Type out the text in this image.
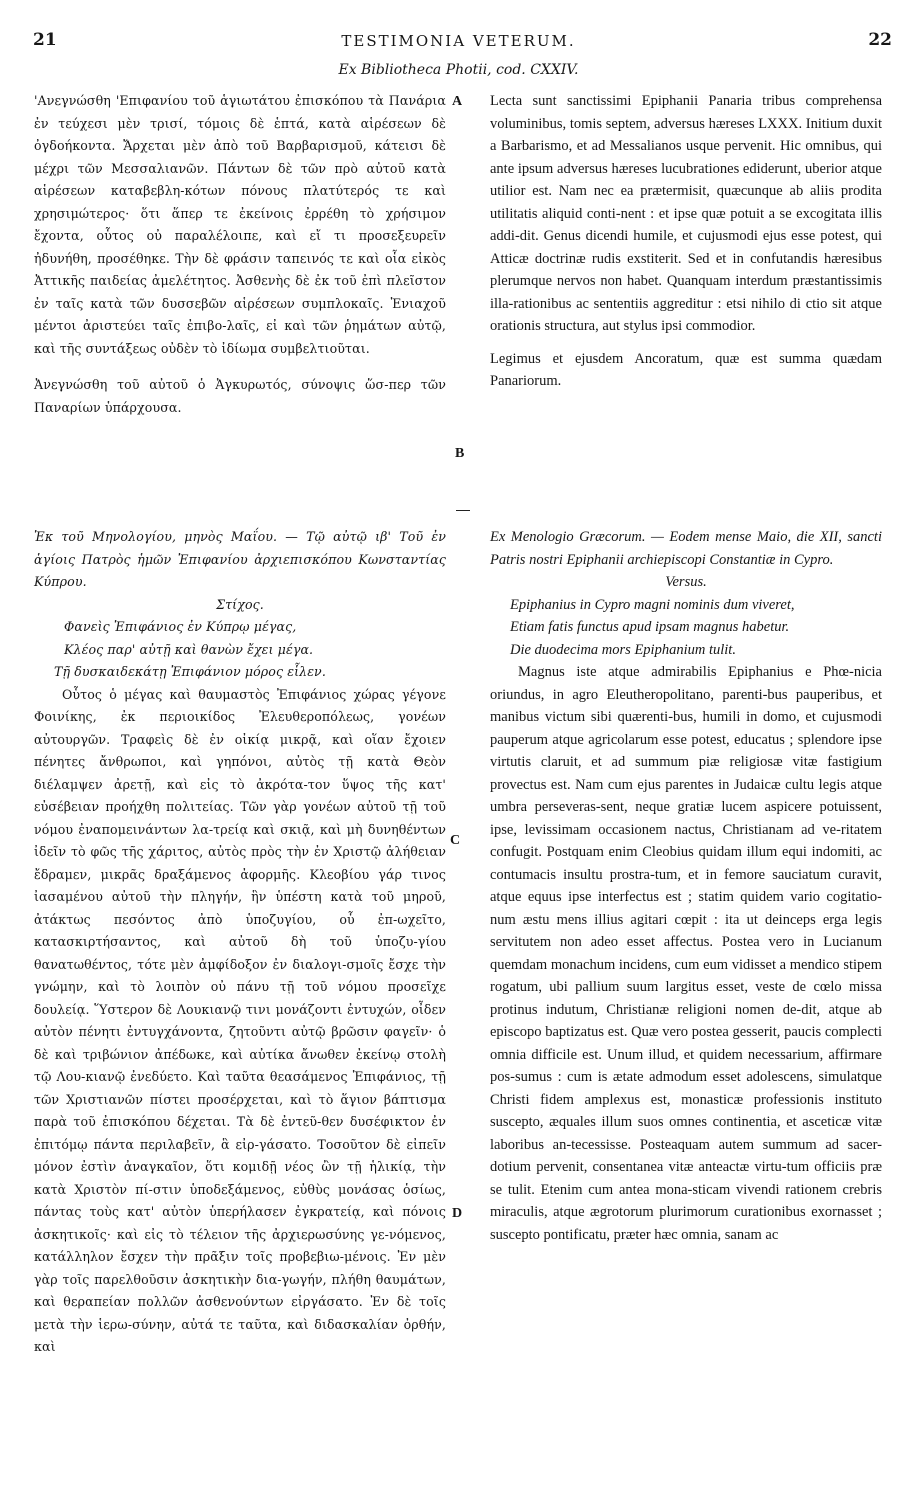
21	TESTIMONIA VETERUM.	22
Ex Bibliotheca Photii, cod. CXXIV.

'Ανεγνώσθη 'Επιφανίου τοῦ ἁγιωτάτου ἐπισκόπου τὰ Πανάρια ἐν τεύχεσι μὲν τρισί, τόμοις δὲ ἑπτά, κατὰ αἱρέσεων δὲ ὀγδοήκοντα. Ἄρχεται μὲν ἀπὸ τοῦ Βαρβαρισμοῦ, κάτεισι δὲ μέχρι τῶν Μεσσαλιανῶν. Πάντων δὲ τῶν πρὸ αὐτοῦ κατὰ αἱρέσεων καταβεβλη-κότων πόνους πλατύτερός τε καὶ χρησιμώτερος· ὅτι ἅπερ τε ἐκείνοις ἐρρέθη τὸ χρήσιμον ἔχοντα, οὗτος οὐ παραλέλοιπε, καὶ εἴ τι προσεξευρεῖν ἠδυνήθη, προσέθηκε. Τὴν δὲ φράσιν ταπεινός τε καὶ οἷα εἰκὸς Ἀττικῆς παιδείας ἀμελέτητος. Ἀσθενὴς δὲ ἐκ τοῦ ἐπὶ πλεῖστον ἐν ταῖς κατὰ τῶν δυσσεβῶν αἱρέσεων συμπλοκαῖς. Ἐνιαχοῦ μέντοι ἀριστεύει ταῖς ἐπιβο-λαῖς, εἰ καὶ τῶν ῥημάτων αὐτῷ, καὶ τῆς συντάξεως οὐδὲν τὸ ἰδίωμα συμβελτιοῦται.

Ἀνεγνώσθη τοῦ αὐτοῦ ὁ Ἀγκυρωτός, σύνοψις ὥσ-περ τῶν Παναρίων ὑπάρχουσα.

Lecta sunt sanctissimi Epiphanii Panaria tribus comprehensa voluminibus, tomis septem, adversus hæreses LXXX. Initium duxit a Barbarismo, et ad Messalianos usque pervenit. Hic omnibus, qui ante ipsum adversus hæreses lucubrationes ediderunt, uberior atque utilior est. Nam nec ea prætermisit, quæcunque ab aliis prodita utilitatis aliquid conti-nent : et ipse quæ potuit a se excogitata illis addi-dit. Genus dicendi humile, et cujusmodi ejus esse potest, qui Atticæ doctrinæ rudis exstiterit. Sed et in confutandis hæresibus plerumque nervos non habet. Quanquam interdum præstantissimis illa-rationibus ac sententiis aggreditur : etsi nihilo di ctio sit atque orationis structura, aut stylus ipsi commodior.

Legimus et ejusdem Ancoratum, quæ est summa quædam Panariorum.

A
B

Ἐκ τοῦ Μηνολογίου, μηνὸς Μαΐου. — Τῷ αὐτῷ ιβ' Τοῦ ἐν ἁγίοις Πατρὸς ἡμῶν Ἐπιφανίου ἀρχιεπισκόπου Κωνσταντίας Κύπρου.

Στίχος.

Φανεὶς Ἐπιφάνιος ἐν Κύπρῳ μέγας,

Κλέος παρ' αὐτῇ καὶ θανὼν ἔχει μέγα.

Τῇ δυσκαιδεκάτῃ Ἐπιφάνιον μόρος εἷλεν.

Οὗτος ὁ μέγας καὶ θαυμαστὸς Ἐπιφάνιος χώρας γέγονε Φοινίκης, ἐκ περιοικίδος Ἐλευθεροπόλεως, γονέων αὐτουργῶν. Τραφεὶς δὲ ἐν οἰκίᾳ μικρᾷ, καὶ οἵαν ἔχοιεν πένητες ἄνθρωποι, καὶ γηπόνοι, αὐτὸς τῇ κατὰ Θεὸν διέλαμψεν ἀρετῇ, καὶ εἰς τὸ ἀκρότα-τον ὕψος τῆς κατ' εὐσέβειαν προήχθη πολιτείας. Τῶν γὰρ γονέων αὐτοῦ τῇ τοῦ νόμου ἐναπομεινάντων λα-τρείᾳ καὶ σκιᾷ, καὶ μὴ δυνηθέντων ἰδεῖν τὸ φῶς τῆς χάριτος, αὐτὸς πρὸς τὴν ἐν Χριστῷ ἀλήθειαν ἔδραμεν, μικρᾶς δραξάμενος ἀφορμῆς. Κλεοβίου γάρ τινος ἰασαμένου αὐτοῦ τὴν πληγήν, ἣν ὑπέστη κατὰ τοῦ μηροῦ, ἀτάκτως πεσόντος ἀπὸ ὑποζυγίου, οὗ ἐπ-ωχεῖτο, κατασκιρτήσαντος, καὶ αὐτοῦ δὴ τοῦ ὑποζυ-γίου θανατωθέντος, τότε μὲν ἀμφίδοξον ἐν διαλογι-σμοῖς ἔσχε τὴν γνώμην, καὶ τὸ λοιπὸν οὐ πάνυ τῇ τοῦ νόμου προσεῖχε δουλείᾳ. Ὕστερον δὲ Λουκιανῷ τινι μονάζοντι ἐντυχών, οἶδεν αὐτὸν πένητι ἐντυγχάνοντα, ζητοῦντι αὐτῷ βρῶσιν φαγεῖν· ὁ δὲ καὶ τριβώνιον ἀπέδωκε, καὶ αὐτίκα ἄνωθεν ἐκείνῳ στολὴ τῷ Λου-κιανῷ ἐνεδύετο. Καὶ ταῦτα θεασάμενος Ἐπιφάνιος, τῇ τῶν Χριστιανῶν πίστει προσέρχεται, καὶ τὸ ἅγιον βάπτισμα παρὰ τοῦ ἐπισκόπου δέχεται. Τὰ δὲ ἐντεῦ-θεν δυσέφικτον ἐν ἐπιτόμῳ πάντα περιλαβεῖν, ἃ εἰρ-γάσατο. Τοσοῦτον δὲ εἰπεῖν μόνον ἐστὶν ἀναγκαῖον, ὅτι κομιδῇ νέος ὢν τῇ ἡλικίᾳ, τὴν κατὰ Χριστὸν πί-στιν ὑποδεξάμενος, εὐθὺς μονάσας ὁσίως, πάντας τοὺς κατ' αὐτὸν ὑπερήλασεν ἐγκρατείᾳ, καὶ πόνοις ἀσκητικοῖς· καὶ εἰς τὸ τέλειον τῆς ἀρχιερωσύνης γε-νόμενος, κατάλληλον ἔσχεν τὴν πρᾶξιν τοῖς προβεβιω-μένοις. Ἐν μὲν γὰρ τοῖς παρελθοῦσιν ἀσκητικὴν δια-γωγήν, πλήθη θαυμάτων, καὶ θεραπείαν πολλῶν ἀσθενούντων εἰργάσατο. Ἐν δὲ τοῖς μετὰ τὴν ἱερω-σύνην, αὐτά τε ταῦτα, καὶ διδασκαλίαν ὀρθήν, καὶ

Ex Menologio Græcorum. — Eodem mense Maio, die XII, sancti Patris nostri Epiphanii archiepiscopi Constantiæ in Cypro.

Versus.

Epiphanius in Cypro magni nominis dum viveret,

Etiam fatis functus apud ipsam magnus habetur.

Die duodecima mors Epiphanium tulit.

Magnus iste atque admirabilis Epiphanius e Phœ-nicia oriundus, in agro Eleutheropolitano, parenti-bus pauperibus, et manibus victum sibi quærenti-bus, humili in domo, et cujusmodi pauperum atque agricolarum esse potest, educatus ; splendore ipse virtutis claruit, et ad summum piæ religiosæ vitæ fastigium provectus est. Nam cum ejus parentes in Judaicæ cultu legis atque umbra perseveras-sent, neque gratiæ lucem aspicere potuissent, ipse, levissimam occasionem nactus, Christianam ad ve-ritatem confugit. Postquam enim Cleobius quidam illum equi indomiti, ac contumacis insultu prostra-tum, et in femore sauciatum curavit, atque equus ipse interfectus est ; statim quidem vario cogitatio-num æstu mens illius agitari cœpit : ita ut deinceps erga legis servitutem non adeo esset affectus. Postea vero in Lucianum quemdam monachum incidens, cum eum vidisset a mendico stipem rogatum, ubi pallium suum largitus esset, veste de cœlo missa protinus indutum, Christianæ religioni nomen de-dit, atque ab episcopo baptizatus est. Quæ vero postea gesserit, paucis complecti omnia difficile est. Unum illud, et quidem necessarium, affirmare pos-sumus : cum is ætate admodum esset adolescens, simulatque Christi fidem amplexus est, monasticæ professionis instituto suscepto, æquales illum suos omnes continentia, et asceticæ vitæ laboribus an-tecessisse. Posteaquam autem summum ad sacer-dotium pervenit, consentanea vitæ anteactæ virtu-tum officiis præ se tulit. Etenim cum antea mona-sticam vivendi rationem crebris miraculis, atque ægrotorum plurimorum curationibus exornasset ; suscepto pontificatu, præter hæc omnia, sanam ac

C
D
